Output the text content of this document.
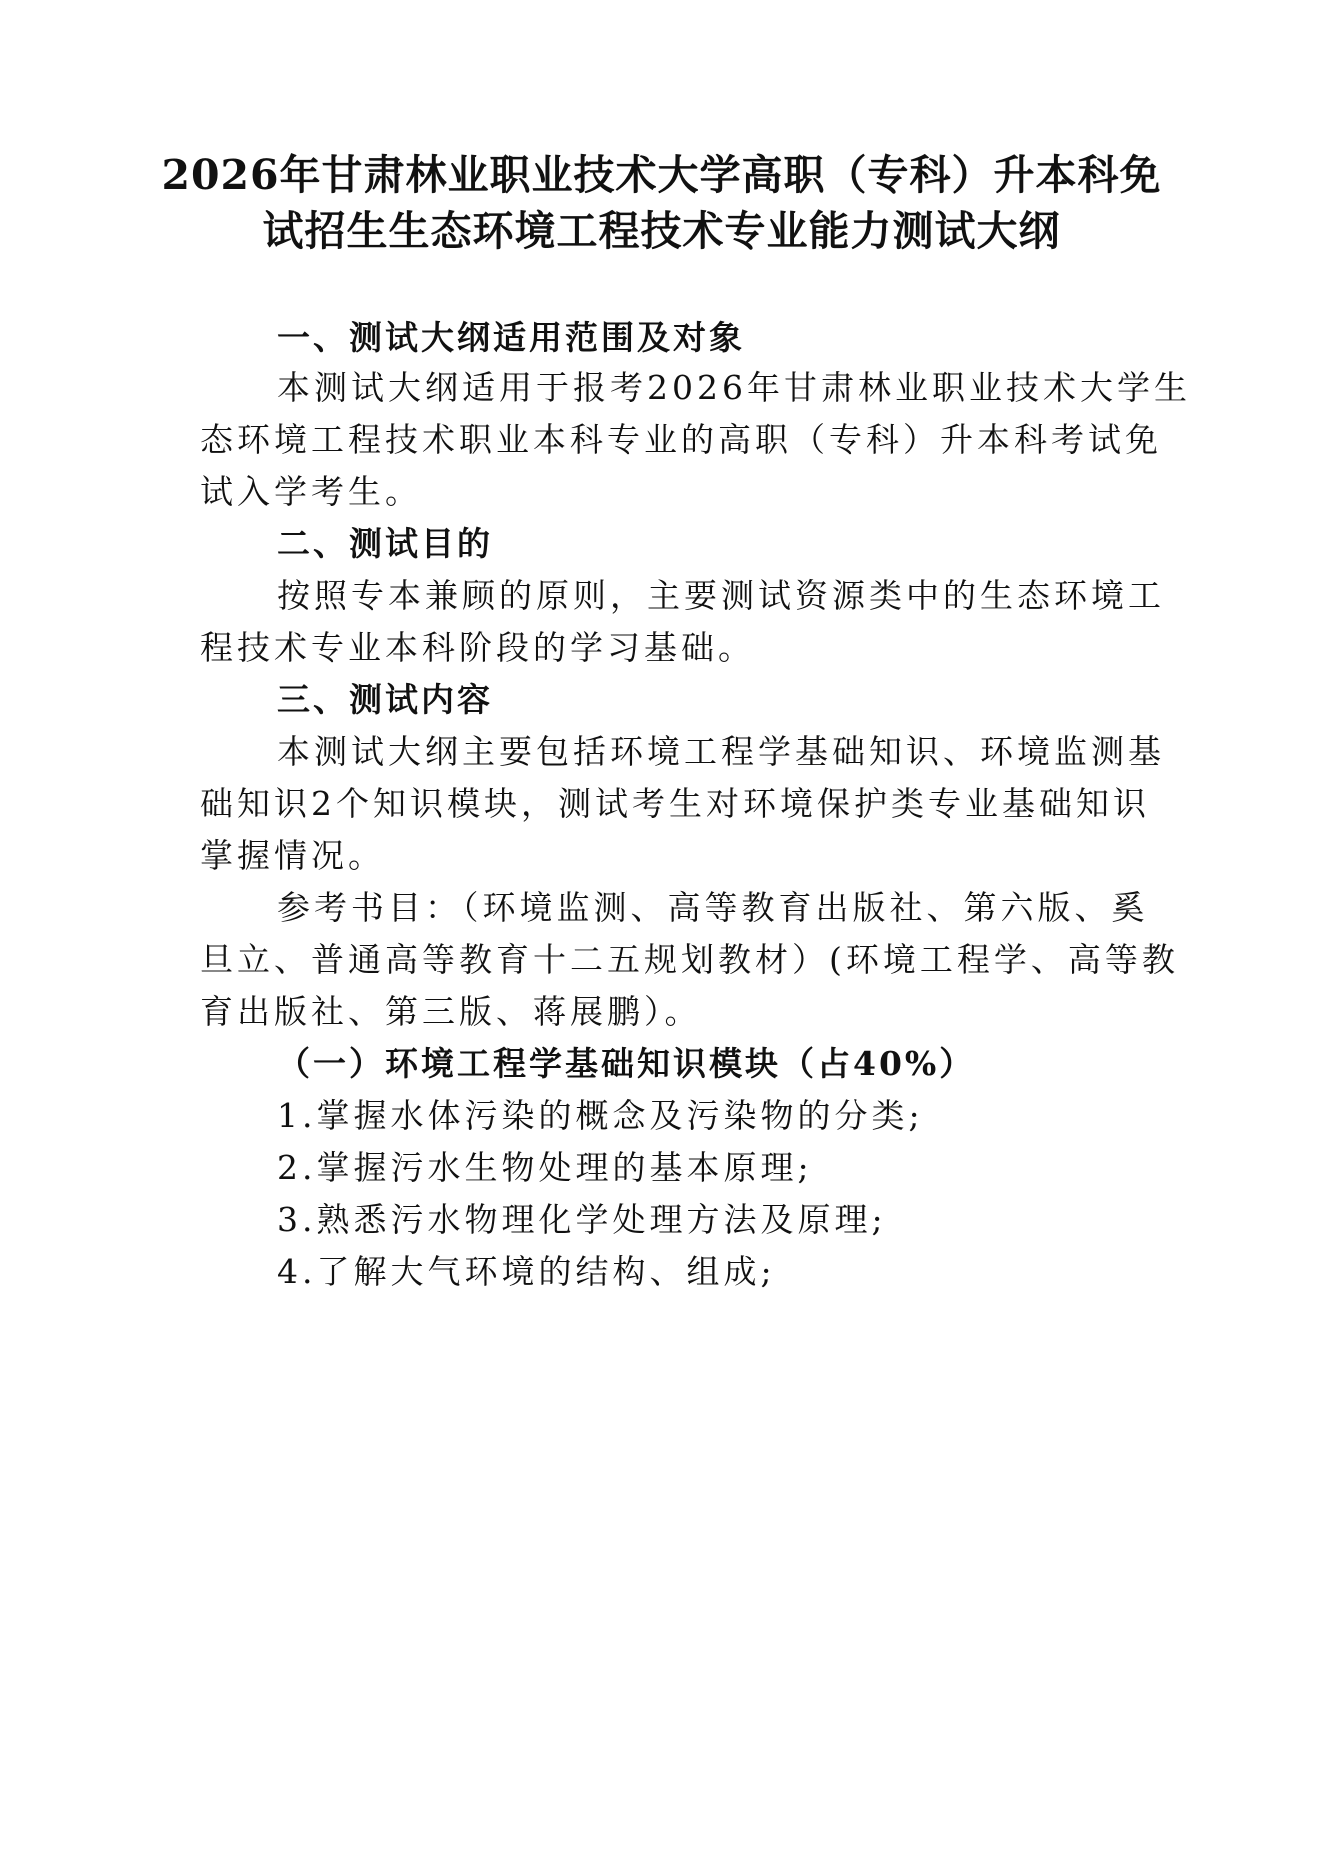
2026年甘肃林业职业技术大学高职（专科）升本科免
试招生生态环境工程技术专业能力测试大纲
一、测试大纲适用范围及对象
本测试大纲适用于报考2026年甘肃林业职业技术大学生
态环境工程技术职业本科专业的高职（专科）升本科考试免
试入学考生。
二、测试目的
按照专本兼顾的原则，主要测试资源类中的生态环境工
程技术专业本科阶段的学习基础。
三、测试内容
本测试大纲主要包括环境工程学基础知识、环境监测基
础知识2个知识模块，测试考生对环境保护类专业基础知识
掌握情况。
参考书目：（环境监测、高等教育出版社、第六版、奚
旦立、普通高等教育十二五规划教材）(环境工程学、高等教
育出版社、第三版、蒋展鹏）。
（一）环境工程学基础知识模块（占40%）
1.掌握水体污染的概念及污染物的分类;
2.掌握污水生物处理的基本原理;
3.熟悉污水物理化学处理方法及原理;
4.了解大气环境的结构、组成;
